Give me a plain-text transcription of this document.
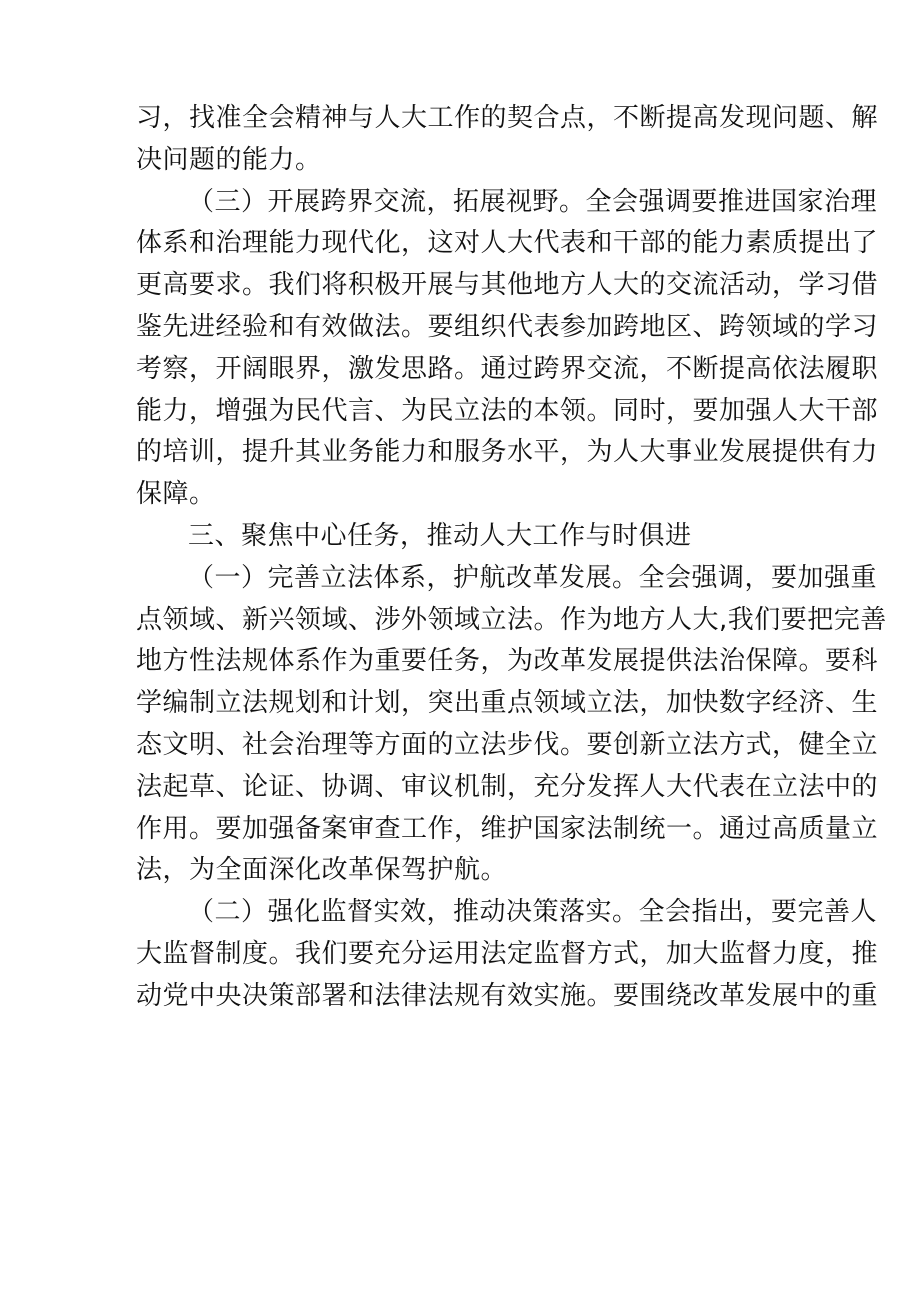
习，找准全会精神与人大工作的契合点，不断提高发现问题、解
决问题的能力。
（三）开展跨界交流，拓展视野。全会强调要推进国家治理
体系和治理能力现代化，这对人大代表和干部的能力素质提出了
更高要求。我们将积极开展与其他地方人大的交流活动，学习借
鉴先进经验和有效做法。要组织代表参加跨地区、跨领域的学习
考察，开阔眼界，激发思路。通过跨界交流，不断提高依法履职
能力，增强为民代言、为民立法的本领。同时，要加强人大干部
的培训，提升其业务能力和服务水平，为人大事业发展提供有力
保障。
三、聚焦中心任务，推动人大工作与时俱进
（一）完善立法体系，护航改革发展。全会强调，要加强重
点领域、新兴领域、涉外领域立法。作为地方人大,我们要把完善
地方性法规体系作为重要任务，为改革发展提供法治保障。要科
学编制立法规划和计划，突出重点领域立法，加快数字经济、生
态文明、社会治理等方面的立法步伐。要创新立法方式，健全立
法起草、论证、协调、审议机制，充分发挥人大代表在立法中的
作用。要加强备案审查工作，维护国家法制统一。通过高质量立
法，为全面深化改革保驾护航。
（二）强化监督实效，推动决策落实。全会指出，要完善人
大监督制度。我们要充分运用法定监督方式，加大监督力度，推
动党中央决策部署和法律法规有效实施。要围绕改革发展中的重
